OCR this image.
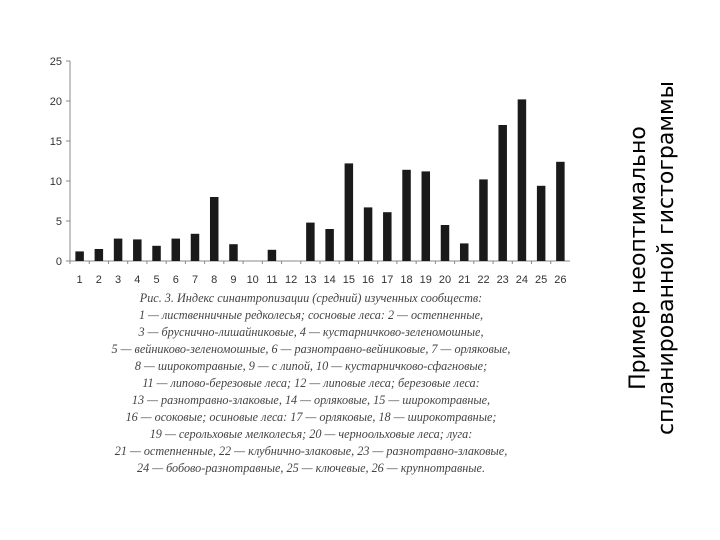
0
5
10
15
20
25
1 2 3 4 5 6 7 8 9 10 11 12 13 14 15 16 17 18 19 20 21 22 23 24 25 26
Рис. 3. Индекс синантропизации (средний) изученных сообществ:
1 — лиственничные редколесья; сосновые леса: 2 — остепненные,
3 — бруснично-лишайниковые, 4 — кустарничково-зеленомошные,
5 — вейниково-зеленомошные, 6 — разнотравно-вейниковые, 7 — орляковые,
8 — широкотравные, 9 — с липой, 10 — кустарничково-сфагновые;
11 — липово-березовые леса; 12 — липовые леса; березовые леса:
13 — разнотравно-злаковые, 14 — орляковые, 15 — широкотравные,
16 — осоковые; осиновые леса: 17 — орляковые, 18 — широкотравные;
19 — серольховые мелколесья; 20 — черноольховые леса; луга:
21 — остепненные, 22 — клубнично-злаковые, 23 — разнотравно-злаковые,
24 — бобово-разнотравные, 25 — ключевые, 26 — крупнотравные.
Пример неоптимально спланированной гистограммы
